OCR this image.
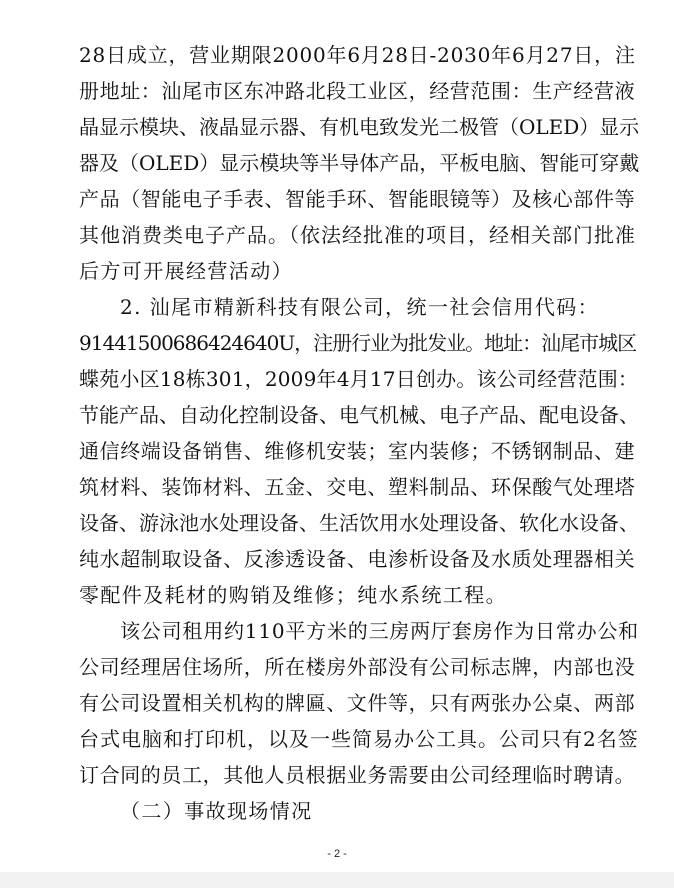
28日成立，营业期限2000年6月28日-2030年6月27日，注
册地址：汕尾市区东冲路北段工业区，经营范围：生产经营液
晶显示模块、液晶显示器、有机电致发光二极管（OLED）显示
器及（OLED）显示模块等半导体产品，平板电脑、智能可穿戴
产品（智能电子手表、智能手环、智能眼镜等）及核心部件等
其他消费类电子产品。（依法经批准的项目，经相关部门批准
后方可开展经营活动）
2. 汕尾市精新科技有限公司，统一社会信用代码：
91441500686424640U，注册行业为批发业。地址：汕尾市城区
蝶苑小区18栋301，2009年4月17日创办。该公司经营范围：
节能产品、自动化控制设备、电气机械、电子产品、配电设备、
通信终端设备销售、维修机安装；室内装修；不锈钢制品、建
筑材料、装饰材料、五金、交电、塑料制品、环保酸气处理塔
设备、游泳池水处理设备、生活饮用水处理设备、软化水设备、
纯水超制取设备、反渗透设备、电渗析设备及水质处理器相关
零配件及耗材的购销及维修；纯水系统工程。
该公司租用约110平方米的三房两厅套房作为日常办公和
公司经理居住场所，所在楼房外部没有公司标志牌，内部也没
有公司设置相关机构的牌匾、文件等，只有两张办公桌、两部
台式电脑和打印机，以及一些简易办公工具。公司只有2名签
订合同的员工，其他人员根据业务需要由公司经理临时聘请。
（二）事故现场情况
- 2 -
